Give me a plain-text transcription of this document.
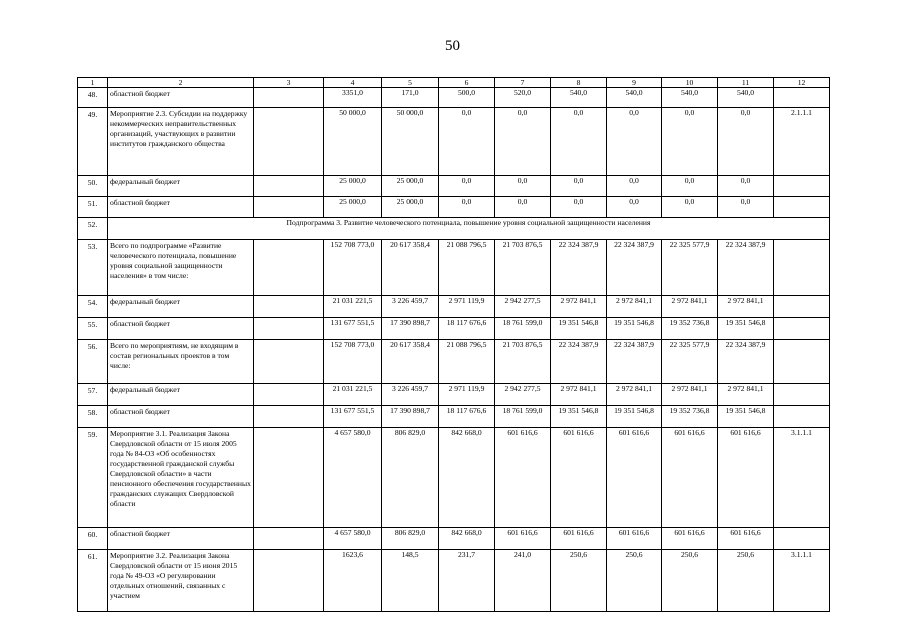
50
1	2	3	4	5	6	7	8	9	10	11	12
48.	областной бюджет		3351,0	171,0	500,0	520,0	540,0	540,0	540,0	540,0	
49.	Мероприятие 2.3. Субсидии на поддержку некоммерческих неправительственных организаций, участвующих в развитии институтов гражданского общества		50 000,0	50 000,0	0,0	0,0	0,0	0,0	0,0	0,0	2.1.1.1
50.	федеральный бюджет		25 000,0	25 000,0	0,0	0,0	0,0	0,0	0,0	0,0	
51.	областной бюджет		25 000,0	25 000,0	0,0	0,0	0,0	0,0	0,0	0,0	
52.	Подпрограмма 3. Развитие человеческого потенциала, повышение уровня социальной защищенности населения										
53.	Всего по подпрограмме «Развитие человеческого потенциала, повышение уровня социальной защищенности населения» в том числе:		152 708 773,0	20 617 358,4	21 088 796,5	21 703 876,5	22 324 387,9	22 324 387,9	22 325 577,9	22 324 387,9	
54.	федеральный бюджет		21 031 221,5	3 226 459,7	2 971 119,9	2 942 277,5	2 972 841,1	2 972 841,1	2 972 841,1	2 972 841,1	
55.	областной бюджет		131 677 551,5	17 390 898,7	18 117 676,6	18 761 599,0	19 351 546,8	19 351 546,8	19 352 736,8	19 351 546,8	
56.	Всего по мероприятиям, не входящим в состав региональных проектов в том числе:		152 708 773,0	20 617 358,4	21 088 796,5	21 703 876,5	22 324 387,9	22 324 387,9	22 325 577,9	22 324 387,9	
57.	федеральный бюджет		21 031 221,5	3 226 459,7	2 971 119,9	2 942 277,5	2 972 841,1	2 972 841,1	2 972 841,1	2 972 841,1	
58.	областной бюджет		131 677 551,5	17 390 898,7	18 117 676,6	18 761 599,0	19 351 546,8	19 351 546,8	19 352 736,8	19 351 546,8	
59.	Мероприятие 3.1. Реализация Закона Свердловской области от 15 июля 2005 года № 84-ОЗ «Об особенностях государственной гражданской службы Свердловской области» в части пенсионного обеспечения государственных гражданских служащих Свердловской области		4 657 580,0	806 829,0	842 668,0	601 616,6	601 616,6	601 616,6	601 616,6	601 616,6	3.1.1.1
60.	областной бюджет		4 657 580,0	806 829,0	842 668,0	601 616,6	601 616,6	601 616,6	601 616,6	601 616,6	
61.	Мероприятие 3.2. Реализация Закона Свердловской области от 15 июня 2015 года № 49-ОЗ «О регулировании отдельных отношений, связанных с участием		1623,6	148,5	231,7	241,0	250,6	250,6	250,6	250,6	3.1.1.1
